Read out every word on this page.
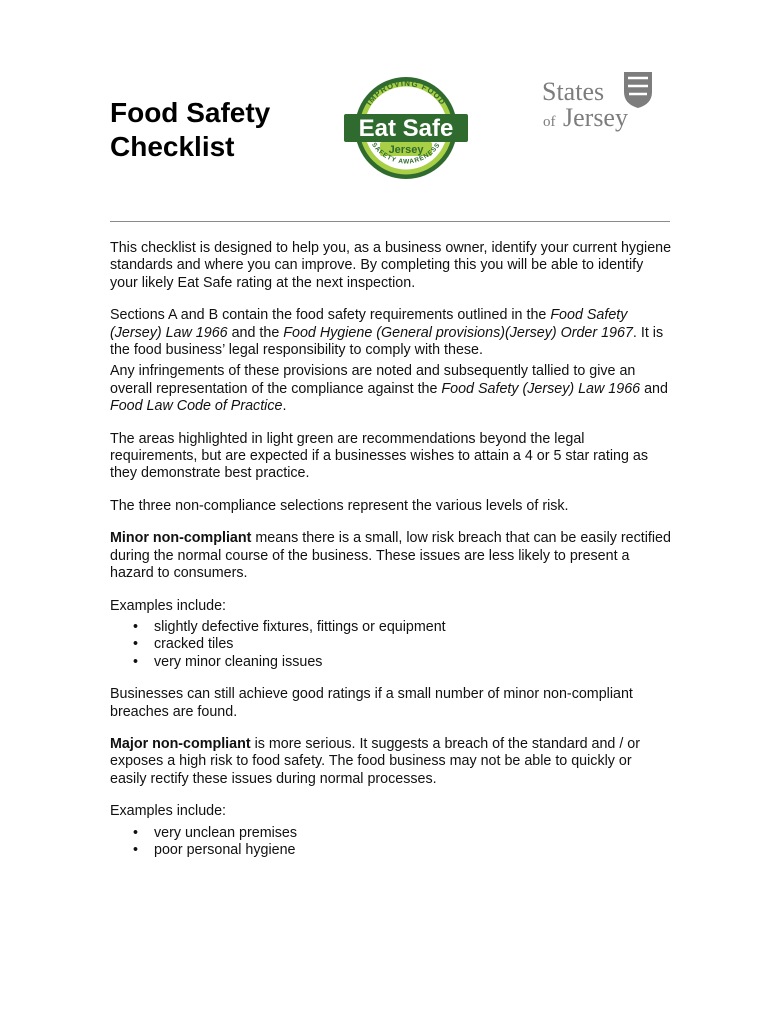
Food Safety
Checklist
IMPROVING FOOD
Eat Safe
Jersey
SAFETY AWARENESS
States
of Jersey

This checklist is designed to help you, as a business owner, identify your current hygiene standards and where you can improve. By completing this you will be able to identify your likely Eat Safe rating at the next inspection.

Sections A and B contain the food safety requirements outlined in the Food Safety (Jersey) Law 1966 and the Food Hygiene (General provisions)(Jersey) Order 1967. It is the food business’ legal responsibility to comply with these.

Any infringements of these provisions are noted and subsequently tallied to give an overall representation of the compliance against the Food Safety (Jersey) Law 1966 and Food Law Code of Practice.

The areas highlighted in light green are recommendations beyond the legal requirements, but are expected if a businesses wishes to attain a 4 or 5 star rating as they demonstrate best practice.

The three non-compliance selections represent the various levels of risk.

Minor non-compliant means there is a small, low risk breach that can be easily rectified during the normal course of the business. These issues are less likely to present a hazard to consumers.

Examples include:

• slightly defective fixtures, fittings or equipment
• cracked tiles
• very minor cleaning issues

Businesses can still achieve good ratings if a small number of minor non-compliant breaches are found.

Major non-compliant is more serious. It suggests a breach of the standard and / or exposes a high risk to food safety. The food business may not be able to quickly or easily rectify these issues during normal processes.

Examples include:

• very unclean premises
• poor personal hygiene
